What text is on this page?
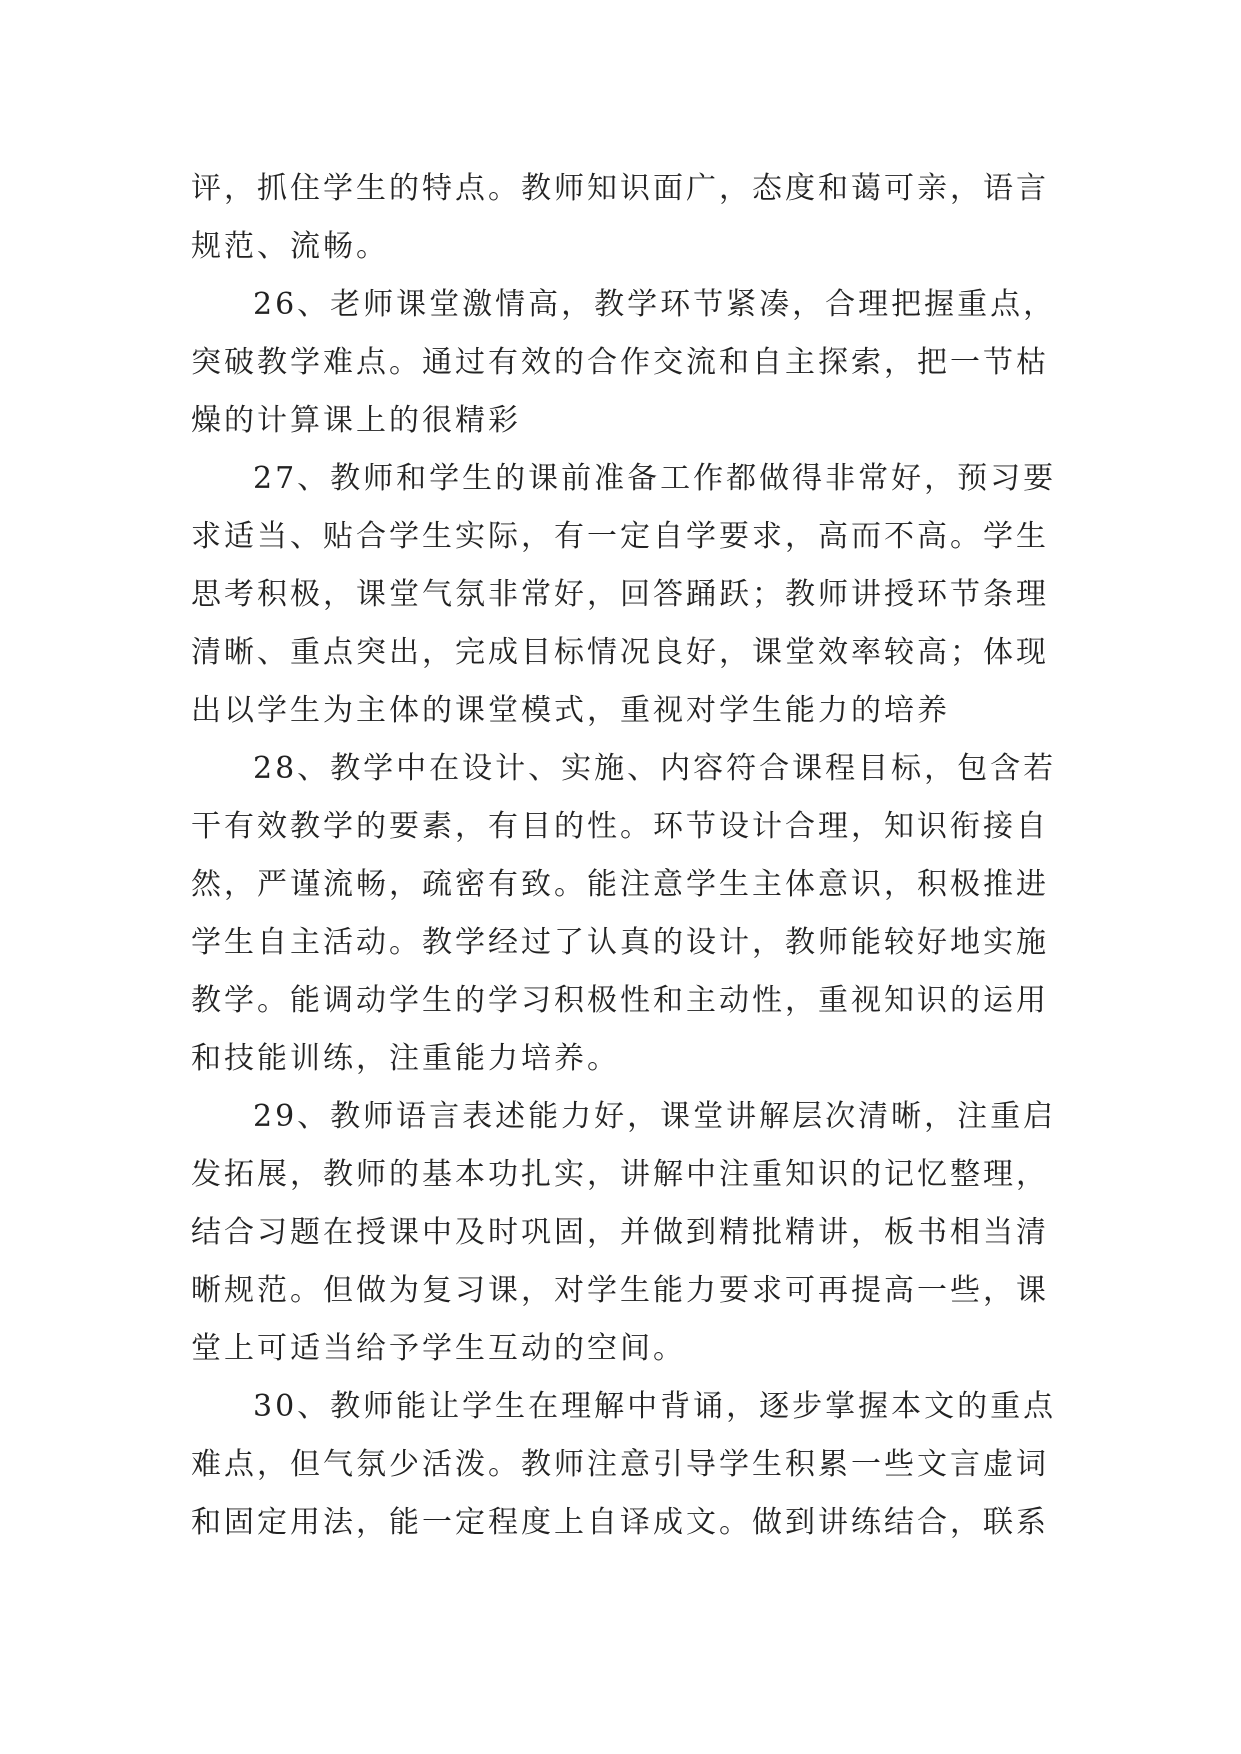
评，抓住学生的特点。教师知识面广，态度和蔼可亲，语言
规范、流畅。
26、老师课堂激情高，教学环节紧凑，合理把握重点，
突破教学难点。通过有效的合作交流和自主探索，把一节枯
燥的计算课上的很精彩
27、教师和学生的课前准备工作都做得非常好，预习要
求适当、贴合学生实际，有一定自学要求，高而不高。学生
思考积极，课堂气氛非常好，回答踊跃；教师讲授环节条理
清晰、重点突出，完成目标情况良好，课堂效率较高；体现
出以学生为主体的课堂模式，重视对学生能力的培养
28、教学中在设计、实施、内容符合课程目标，包含若
干有效教学的要素，有目的性。环节设计合理，知识衔接自
然，严谨流畅，疏密有致。能注意学生主体意识，积极推进
学生自主活动。教学经过了认真的设计，教师能较好地实施
教学。能调动学生的学习积极性和主动性，重视知识的运用
和技能训练，注重能力培养。
29、教师语言表述能力好，课堂讲解层次清晰，注重启
发拓展，教师的基本功扎实，讲解中注重知识的记忆整理，
结合习题在授课中及时巩固，并做到精批精讲，板书相当清
晰规范。但做为复习课，对学生能力要求可再提高一些，课
堂上可适当给予学生互动的空间。
30、教师能让学生在理解中背诵，逐步掌握本文的重点
难点，但气氛少活泼。教师注意引导学生积累一些文言虚词
和固定用法，能一定程度上自译成文。做到讲练结合，联系
